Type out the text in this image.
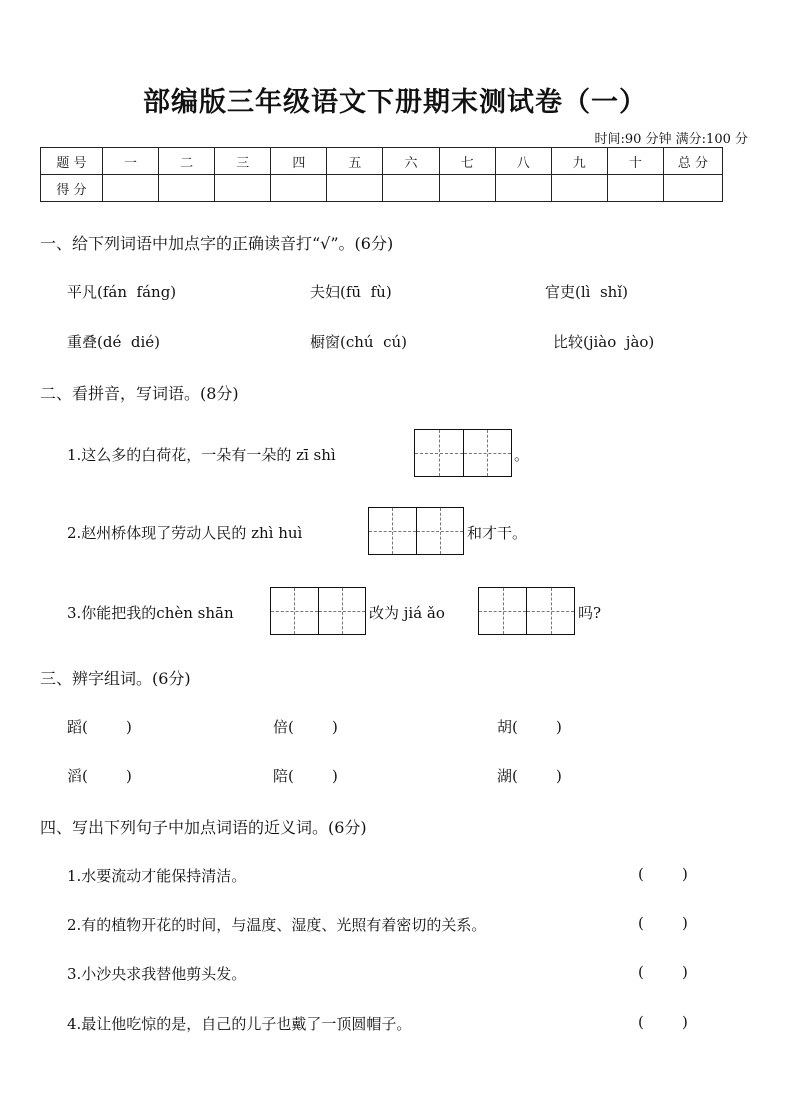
部编版三年级语文下册期末测试卷（一）
时间:90 分钟 满分:100 分
题 号	一	二	三	四	五	六	七	八	九	十	总 分
得 分											
一、给下列词语中加点字的正确读音打“√”。(6分)
平凡(fán  fáng)	夫妇(fū  fù)	官吏(lì  shǐ)
重叠(dé  dié)	橱窗(chú  cú)	比较(jiào  jào)
二、看拼音，写词语。(8分)
1.这么多的白荷花，一朵有一朵的 zī shì	。
2.赵州桥体现了劳动人民的 zhì huì	和才干。
3.你能把我的chèn shān	改为 jiá ǎo	吗?
三、辨字组词。(6分)
蹈(        )	倍(        )	胡(        )
滔(        )	陪(        )	湖(        )
四、写出下列句子中加点词语的近义词。(6分)
1.水要流动才能保持清洁。	(        )
2.有的植物开花的时间，与温度、湿度、光照有着密切的关系。	(        )
3.小沙央求我替他剪头发。	(        )
4.最让他吃惊的是，自己的儿子也戴了一顶圆帽子。	(        )
